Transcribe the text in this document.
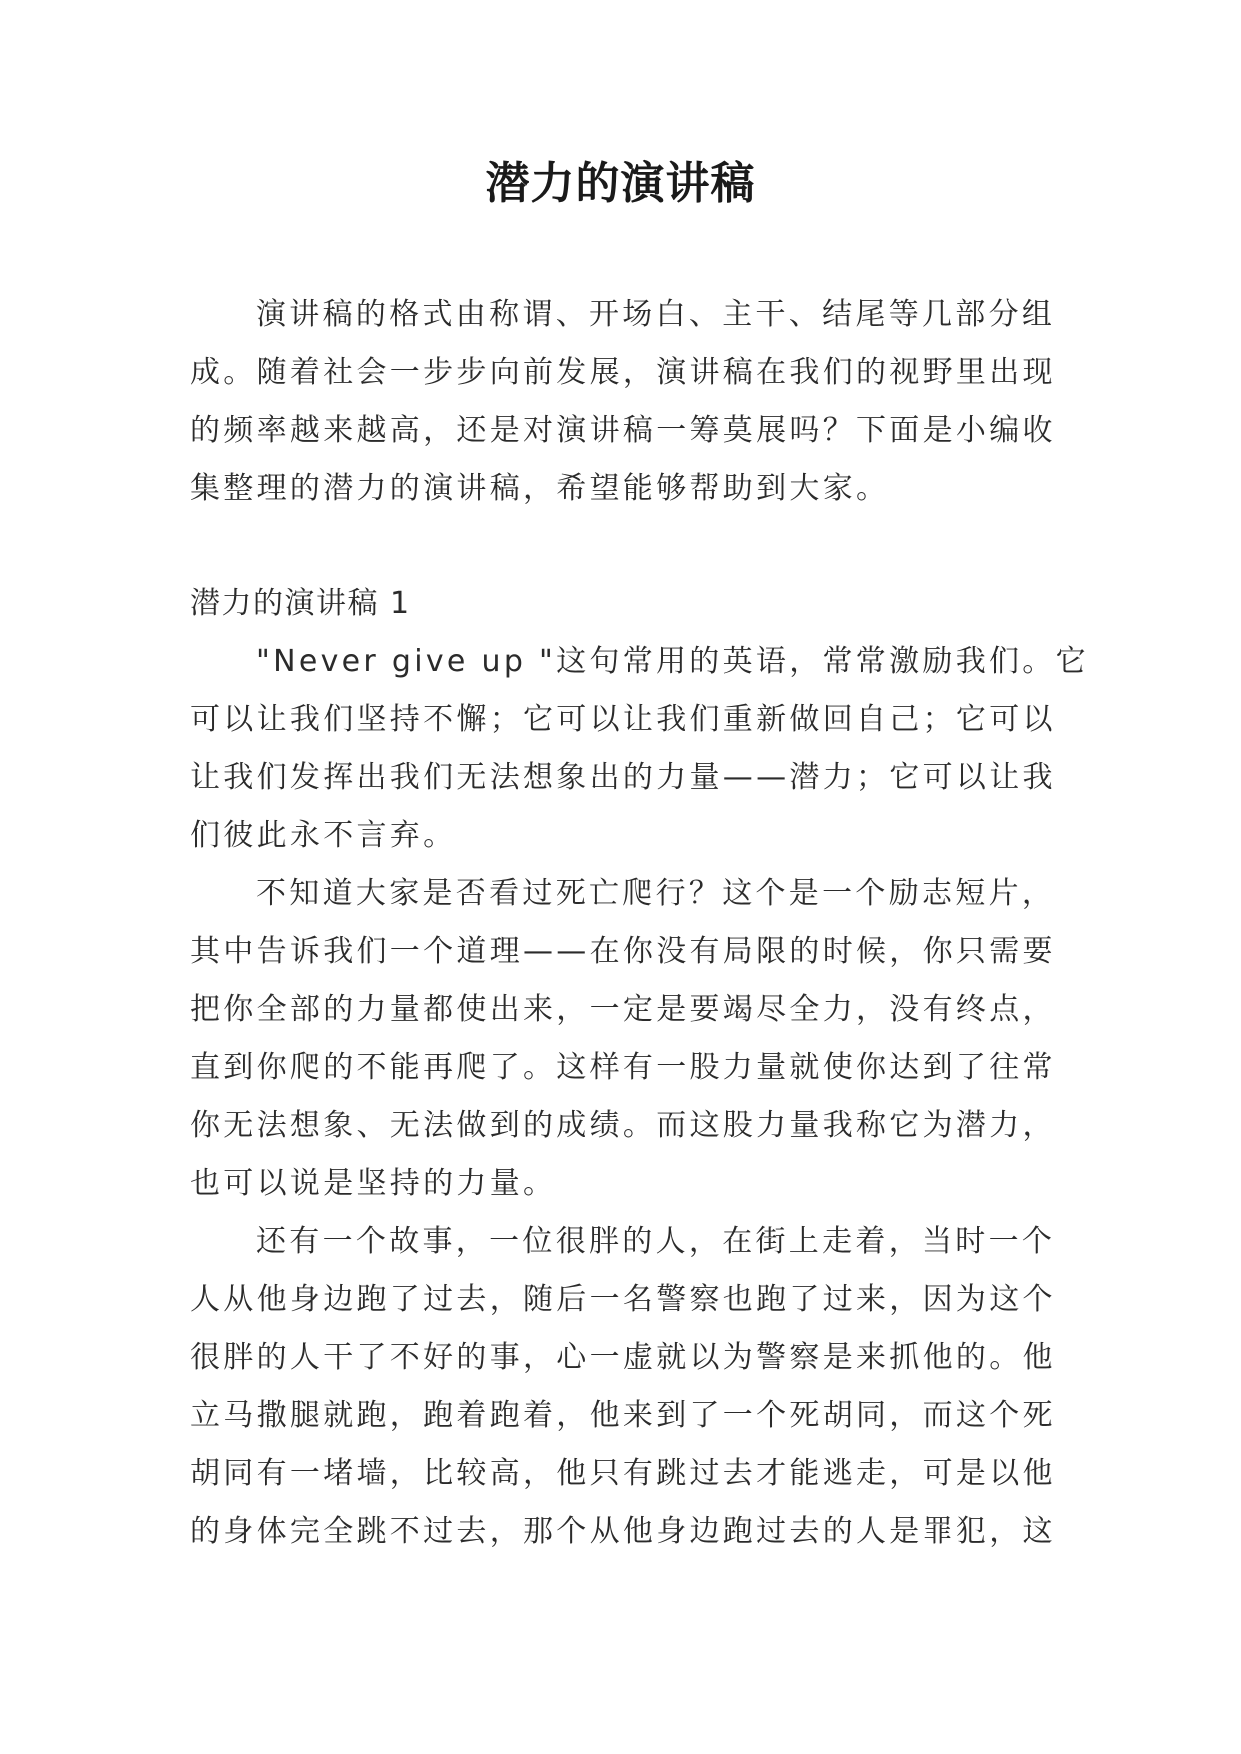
潜力的演讲稿
演讲稿的格式由称谓、开场白、主干、结尾等几部分组
成。随着社会一步步向前发展，演讲稿在我们的视野里出现
的频率越来越高，还是对演讲稿一筹莫展吗？下面是小编收
集整理的潜力的演讲稿，希望能够帮助到大家。
潜力的演讲稿 1
"Never give up "这句常用的英语，常常激励我们。它
可以让我们坚持不懈；它可以让我们重新做回自己；它可以
让我们发挥出我们无法想象出的力量——潜力；它可以让我
们彼此永不言弃。
不知道大家是否看过死亡爬行？这个是一个励志短片，
其中告诉我们一个道理——在你没有局限的时候，你只需要
把你全部的力量都使出来，一定是要竭尽全力，没有终点，
直到你爬的不能再爬了。这样有一股力量就使你达到了往常
你无法想象、无法做到的成绩。而这股力量我称它为潜力，
也可以说是坚持的力量。
还有一个故事，一位很胖的人，在街上走着，当时一个
人从他身边跑了过去，随后一名警察也跑了过来，因为这个
很胖的人干了不好的事，心一虚就以为警察是来抓他的。他
立马撒腿就跑，跑着跑着，他来到了一个死胡同，而这个死
胡同有一堵墙，比较高，他只有跳过去才能逃走，可是以他
的身体完全跳不过去，那个从他身边跑过去的人是罪犯，这
